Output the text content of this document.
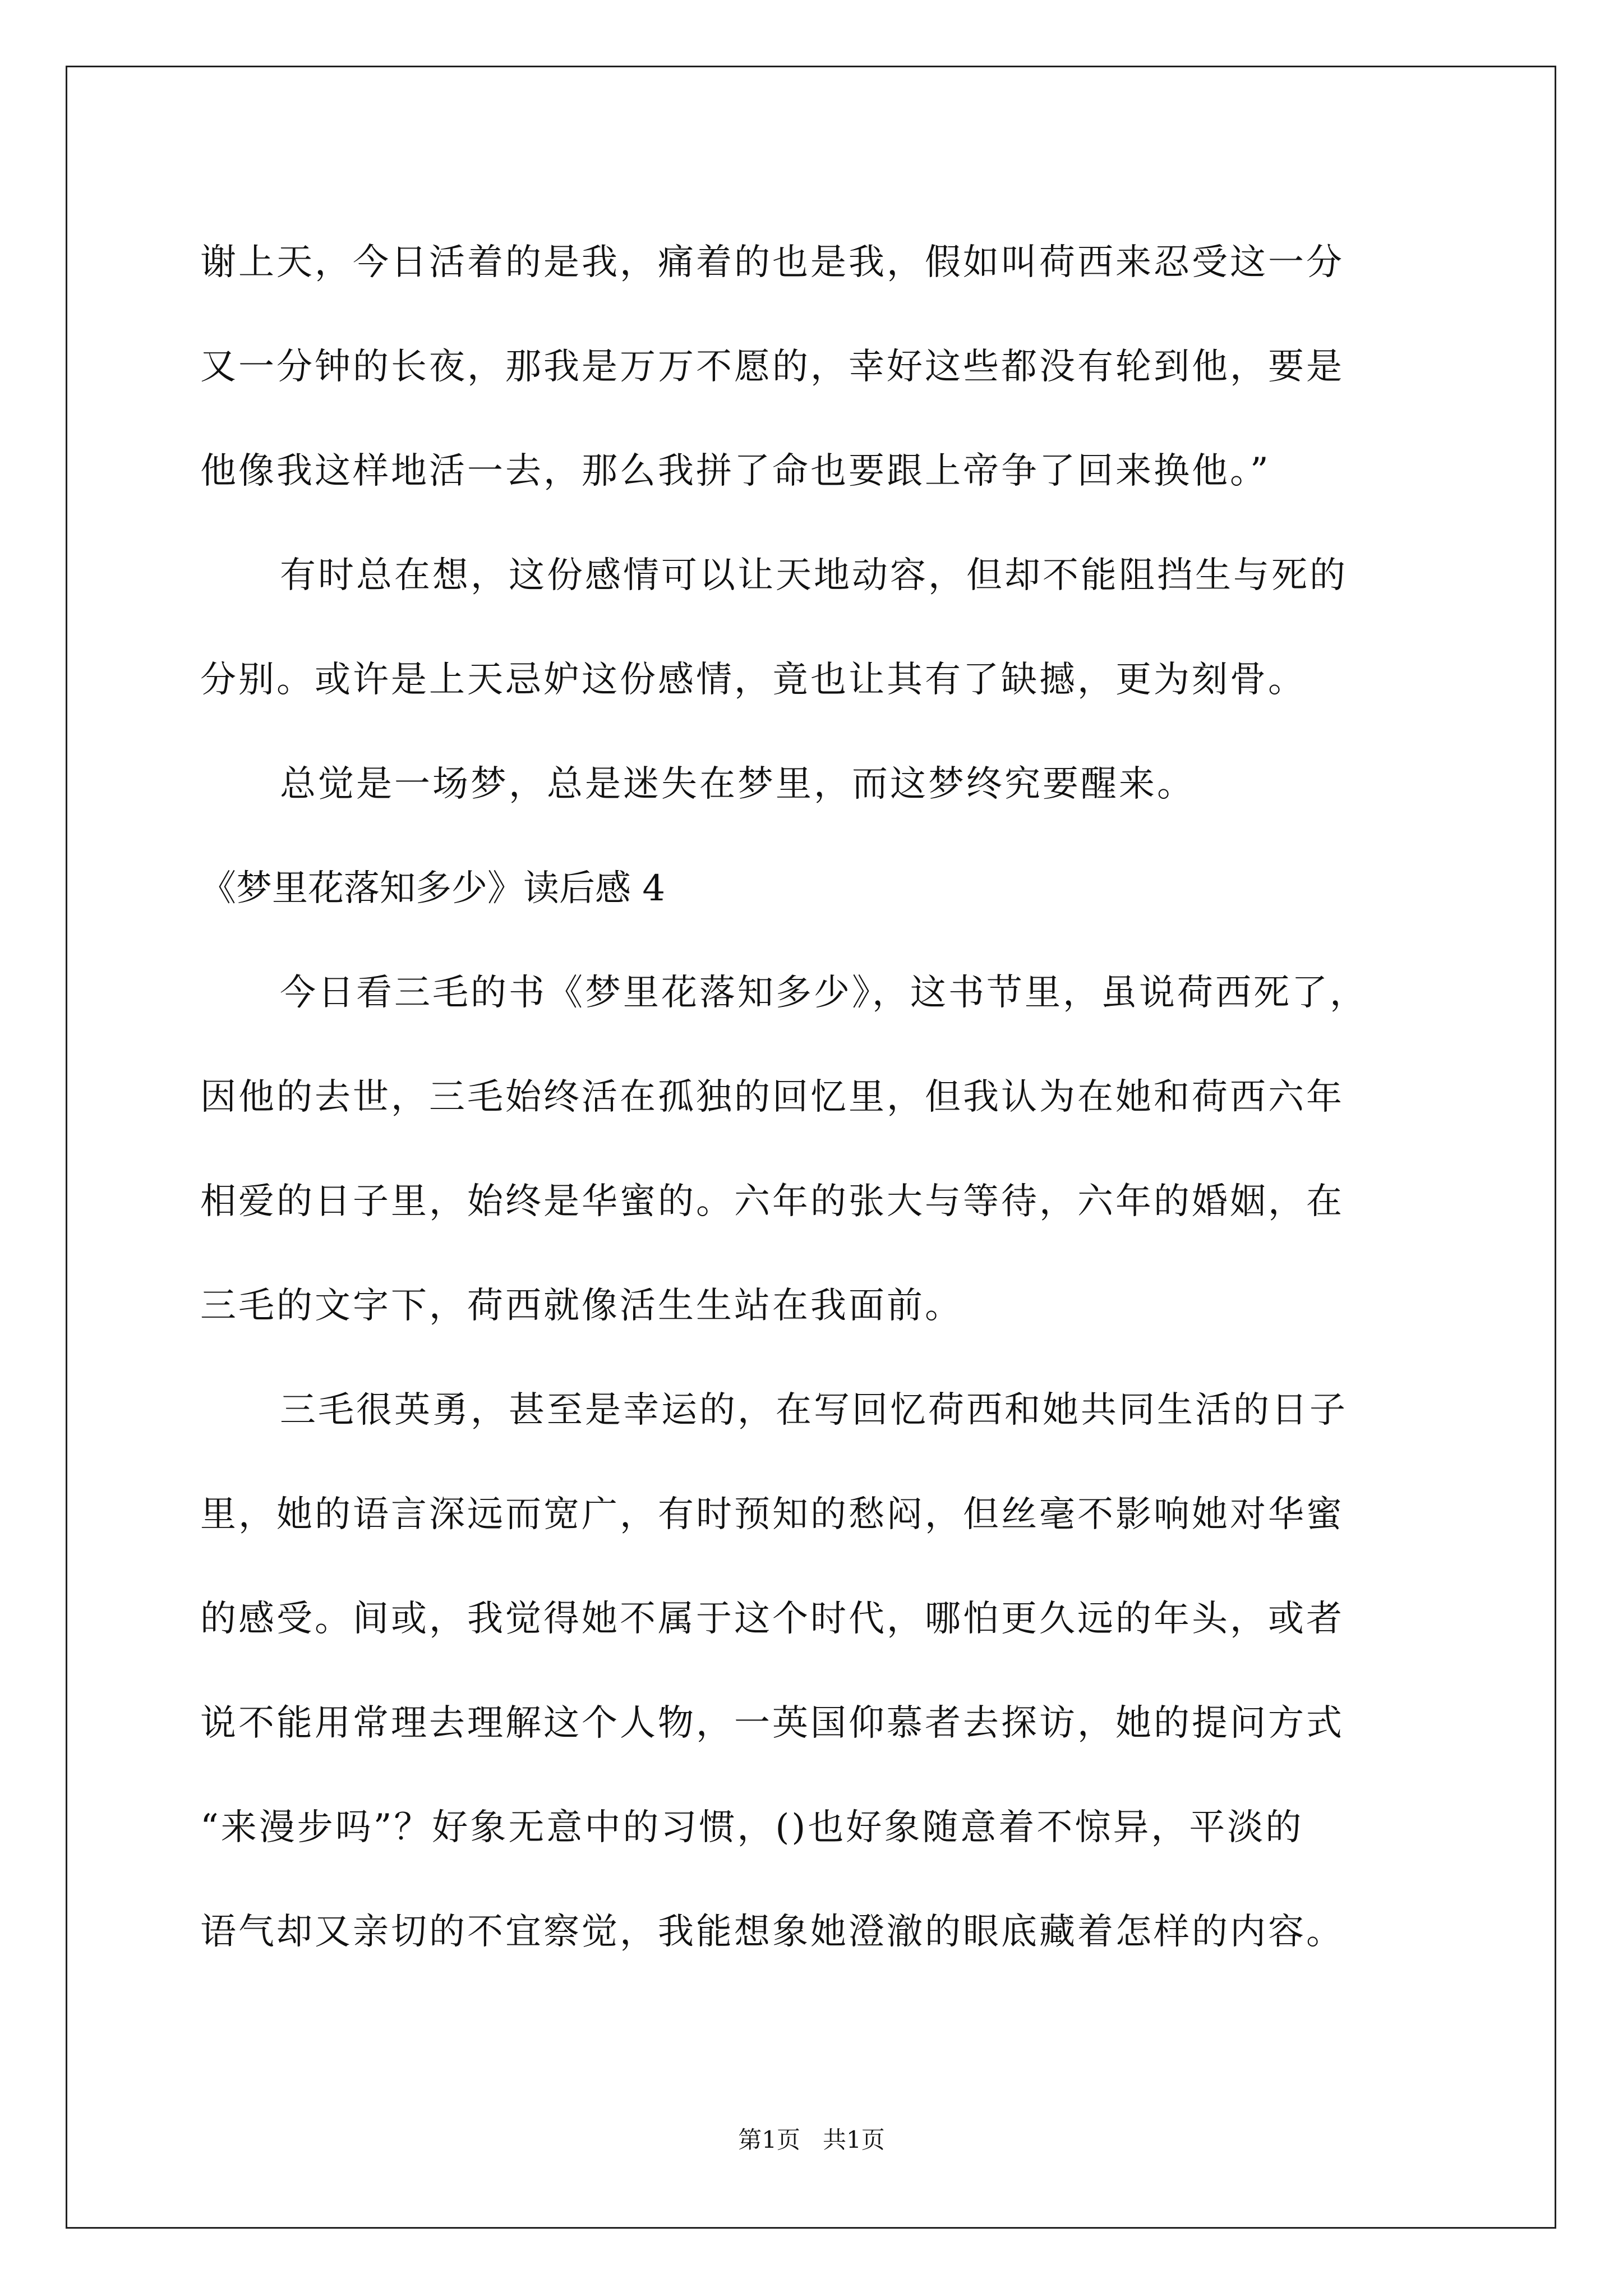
谢上天，今日活着的是我，痛着的也是我，假如叫荷西来忍受这一分
又一分钟的长夜，那我是万万不愿的，幸好这些都没有轮到他，要是
他像我这样地活一去，那么我拼了命也要跟上帝争了回来换他。”
有时总在想，这份感情可以让天地动容，但却不能阻挡生与死的
分别。或许是上天忌妒这份感情，竟也让其有了缺撼，更为刻骨。
总觉是一场梦，总是迷失在梦里，而这梦终究要醒来。
《梦里花落知多少》读后感 4
今日看三毛的书《梦里花落知多少》，这书节里，虽说荷西死了，
因他的去世，三毛始终活在孤独的回忆里，但我认为在她和荷西六年
相爱的日子里，始终是华蜜的。六年的张大与等待，六年的婚姻，在
三毛的文字下，荷西就像活生生站在我面前。
三毛很英勇，甚至是幸运的，在写回忆荷西和她共同生活的日子
里，她的语言深远而宽广，有时预知的愁闷，但丝毫不影响她对华蜜
的感受。间或，我觉得她不属于这个时代，哪怕更久远的年头，或者
说不能用常理去理解这个人物，一英国仰慕者去探访，她的提问方式
“来漫步吗”？好象无意中的习惯，()也好象随意着不惊异，平淡的
语气却又亲切的不宜察觉，我能想象她澄澈的眼底藏着怎样的内容。
第1页   共1页
